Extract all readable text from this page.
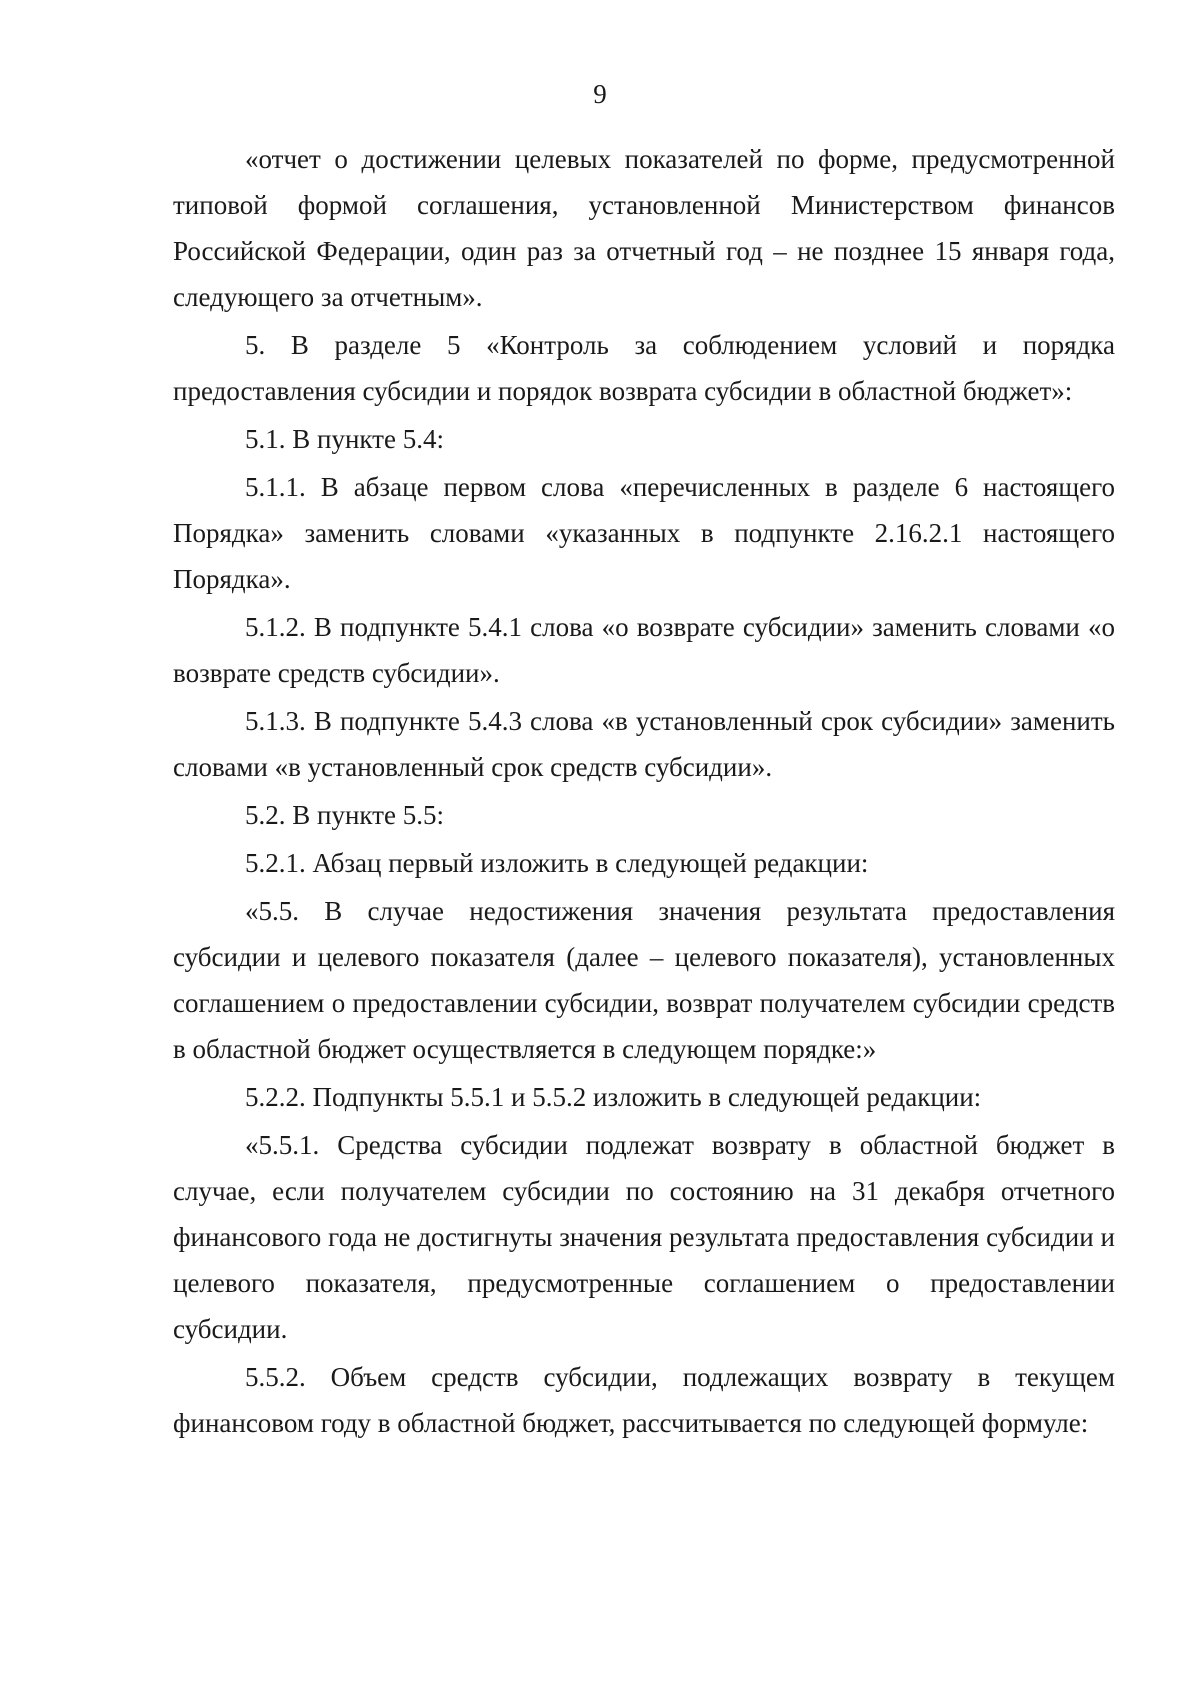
9

«отчет о достижении целевых показателей по форме, предусмотренной типовой формой соглашения, установленной Министерством финансов Российской Федерации, один раз за отчетный год – не позднее 15 января года, следующего за отчетным».

5. В разделе 5 «Контроль за соблюдением условий и порядка предоставления субсидии и порядок возврата субсидии в областной бюджет»:

5.1. В пункте 5.4:

5.1.1. В абзаце первом слова «перечисленных в разделе 6 настоящего Порядка» заменить словами «указанных в подпункте 2.16.2.1 настоящего Порядка».

5.1.2. В подпункте 5.4.1 слова «о возврате субсидии» заменить словами «о возврате средств субсидии».

5.1.3. В подпункте 5.4.3 слова «в установленный срок субсидии» заменить словами «в установленный срок средств субсидии».

5.2. В пункте 5.5:

5.2.1. Абзац первый изложить в следующей редакции:

«5.5. В случае недостижения значения результата предоставления субсидии и целевого показателя (далее – целевого показателя), установленных соглашением о предоставлении субсидии, возврат получателем субсидии средств в областной бюджет осуществляется в следующем порядке:»

5.2.2. Подпункты 5.5.1 и 5.5.2 изложить в следующей редакции:

«5.5.1. Средства субсидии подлежат возврату в областной бюджет в случае, если получателем субсидии по состоянию на 31 декабря отчетного финансового года не достигнуты значения результата предоставления субсидии и целевого показателя, предусмотренные соглашением о предоставлении субсидии.

5.5.2. Объем средств субсидии, подлежащих возврату в текущем финансовом году в областной бюджет, рассчитывается по следующей формуле:
